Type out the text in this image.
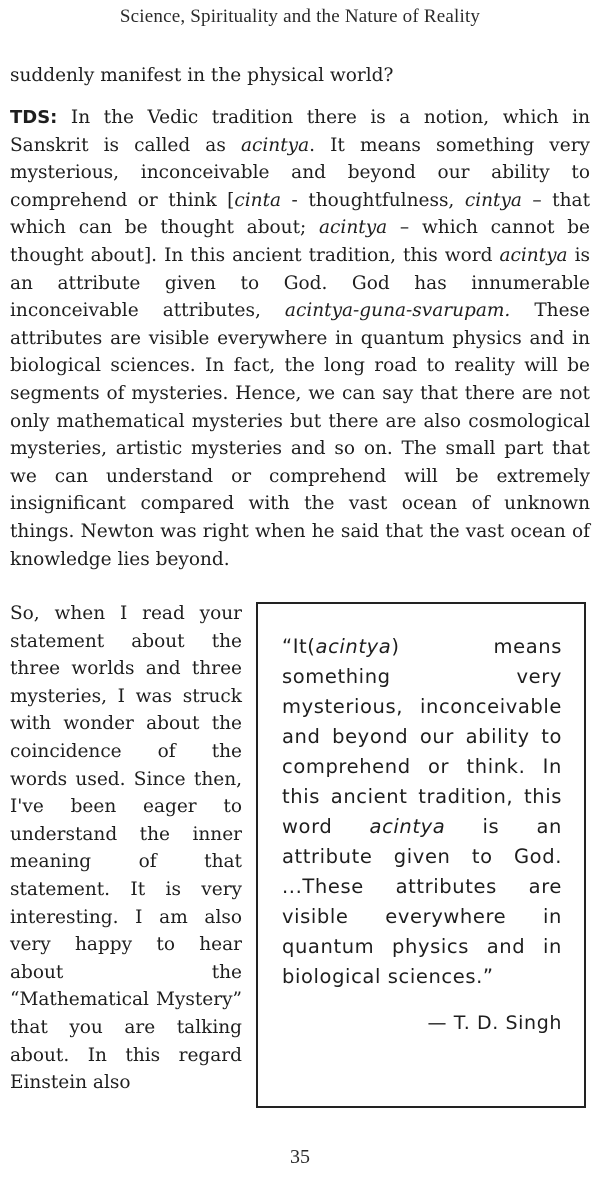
Science, Spirituality and the Nature of Reality
suddenly manifest in the physical world?
TDS: In the Vedic tradition there is a notion, which in Sanskrit is called as acintya. It means something very mysterious, inconceivable and beyond our ability to comprehend or think [cinta - thoughtfulness, cintya – that which can be thought about; acintya – which cannot be thought about]. In this ancient tradition, this word acintya is an attribute given to God. God has innumerable inconceivable attributes, acintya-guna-svarupam. These attributes are visible everywhere in quantum physics and in biological sciences. In fact, the long road to reality will be segments of mysteries. Hence, we can say that there are not only mathematical mysteries but there are also cosmological mysteries, artistic mysteries and so on. The small part that we can understand or comprehend will be extremely insignificant compared with the vast ocean of unknown things. Newton was right when he said that the vast ocean of knowledge lies beyond.
So, when I read your statement about the three worlds and three mysteries, I was struck with wonder about the coincidence of the words used. Since then, I've been eager to understand the inner meaning of that statement. It is very interesting. I am also very happy to hear about the “Mathematical Mystery” that you are talking about. In this regard Einstein also

“It(acintya) means something very mysterious, inconceivable and beyond our ability to comprehend or think. In this ancient tradition, this word acintya is an attribute given to God. ...These attributes are visible everywhere in quantum physics and in biological sciences.”

— T. D. Singh
35
